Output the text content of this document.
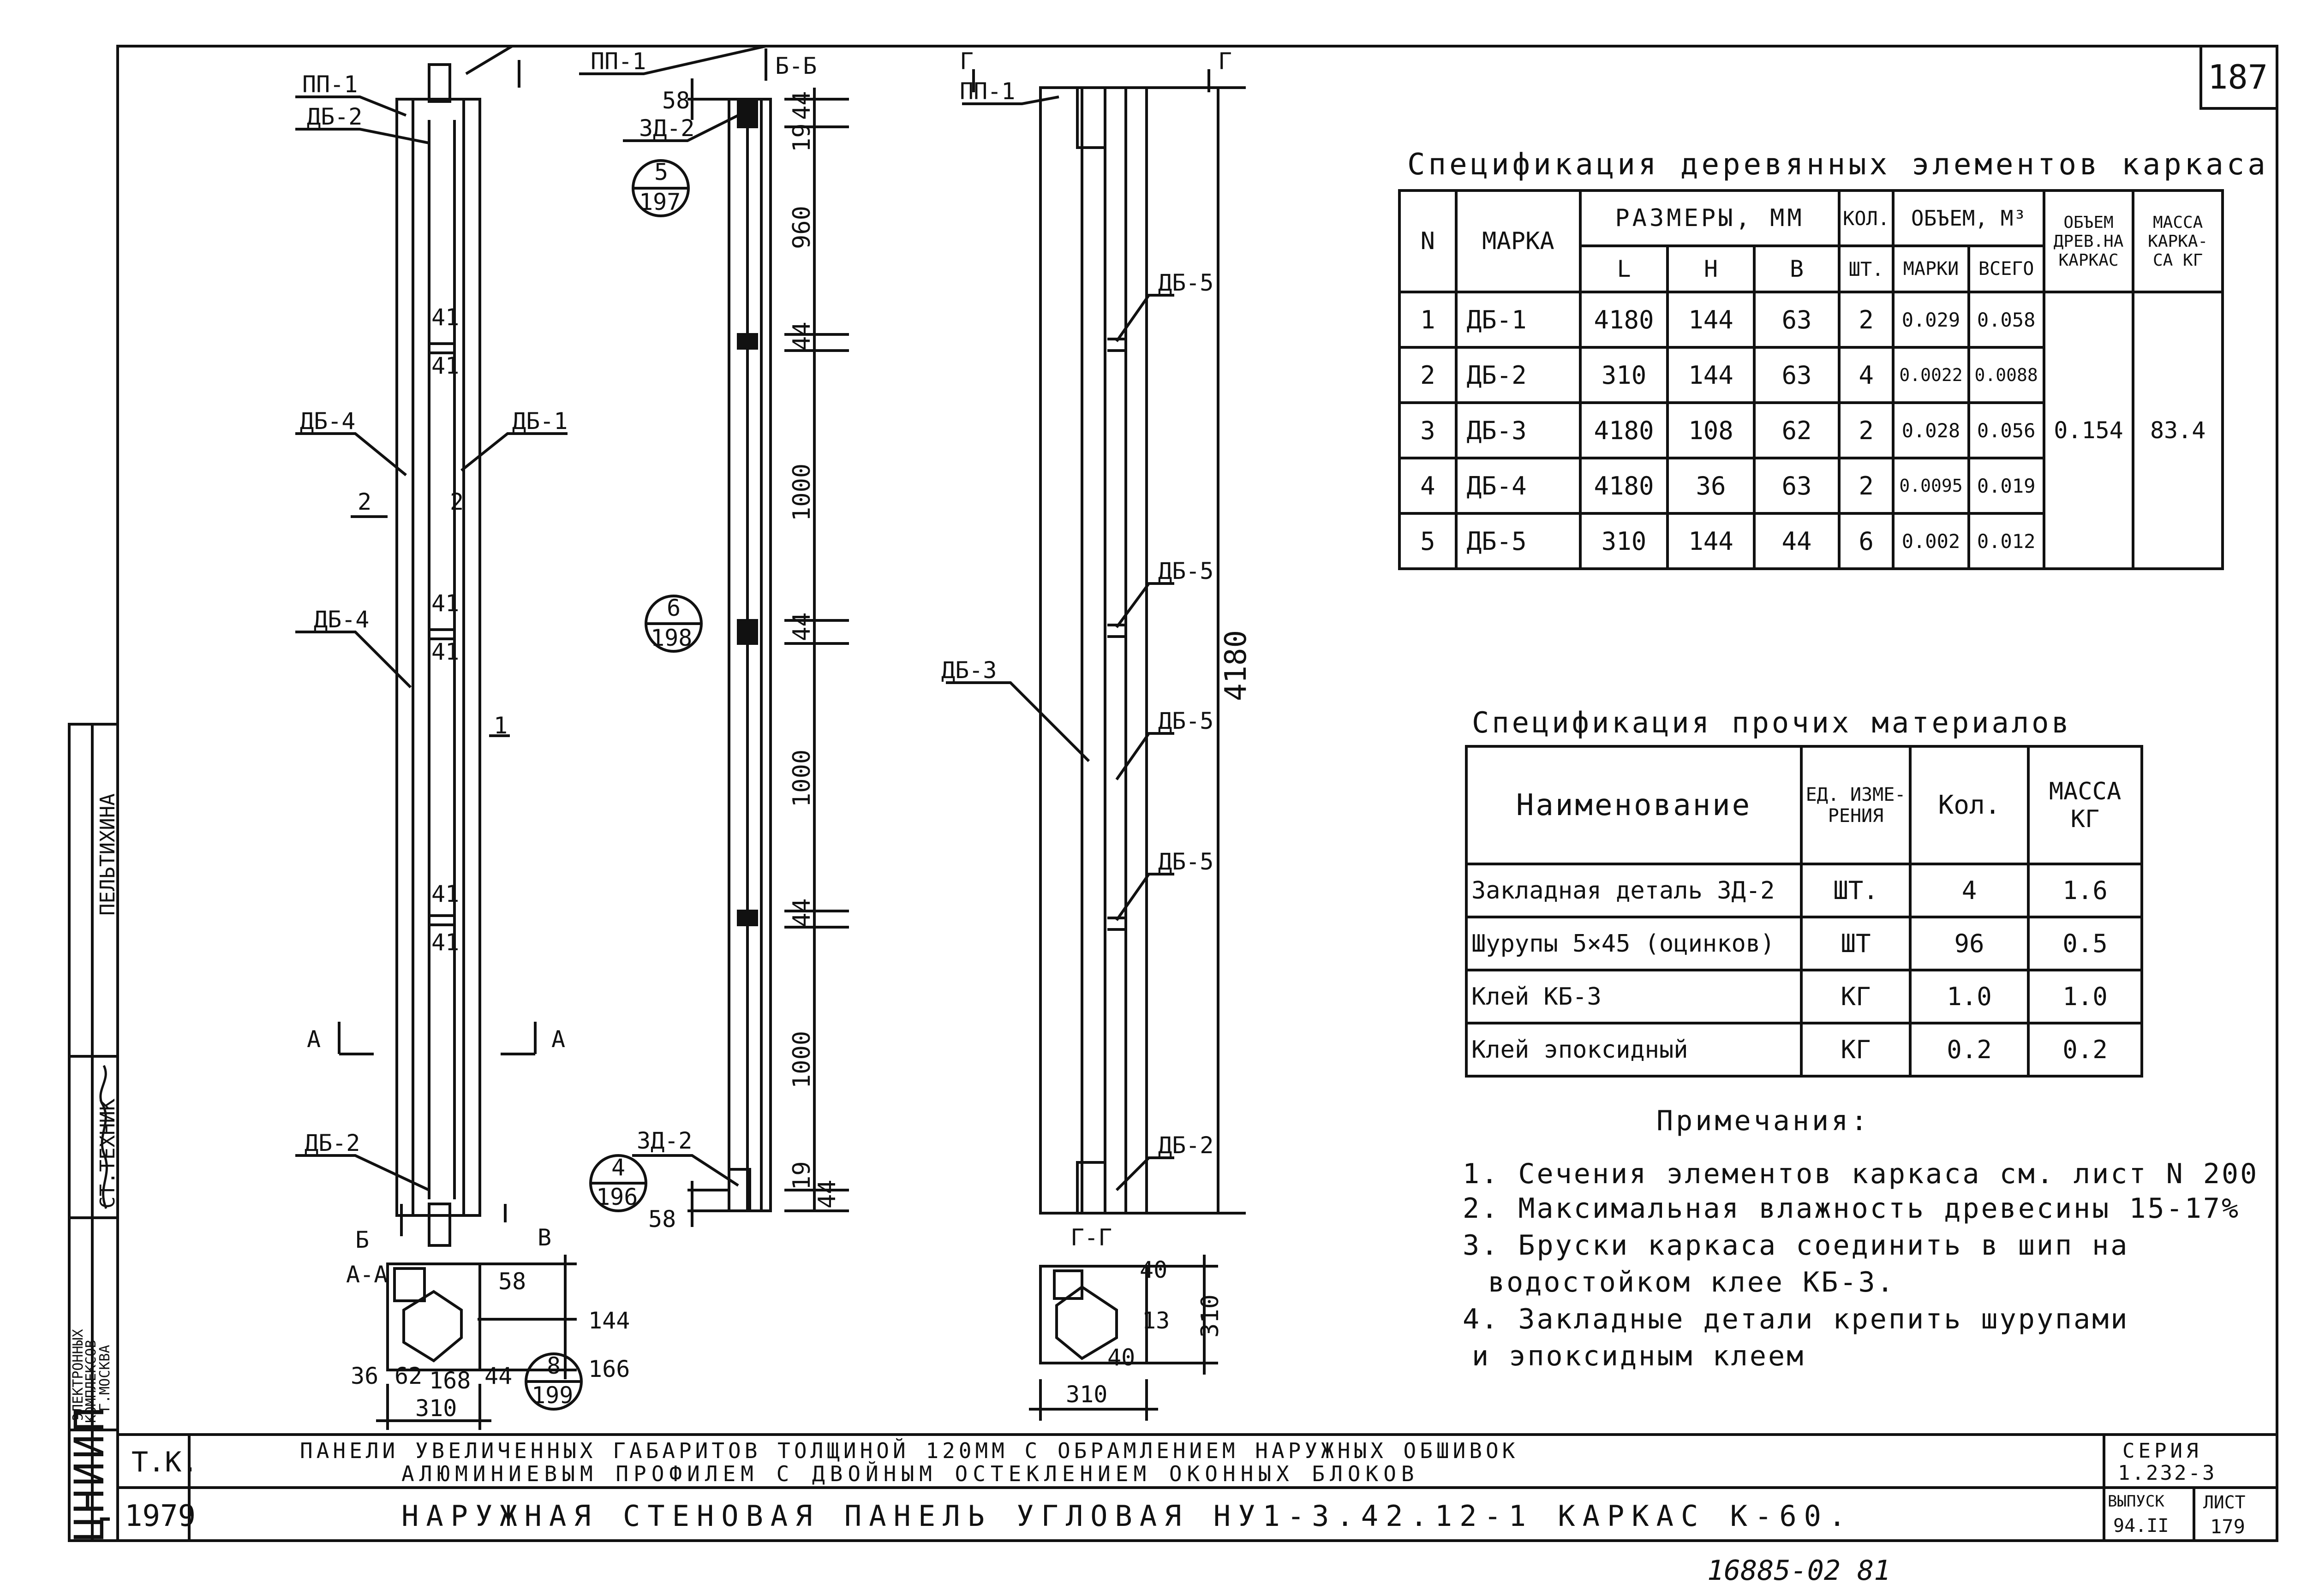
ПП-1
ДБ-2
ДБ-4	ДБ-1
ДБ-4
ДБ-2
2	2
1
41
41
41
41
41
41
А	А
Б	В
А-А
ПП-1
3Д-2
Б-Б
3Д-2
ПП-1
Г	Г
ДБ-5
ДБ-5
ДБ-5
ДБ-5
ДБ-2
ДБ-3
Г-Г
166
144
58
36 62 168 44
310
310
13
40
40
58
58
5
197
6
198
4
196
8
199
44
19
960
44
1000
44
1000
44
1000
19
44
4180
310
187
Спецификация деревянных элементов каркаса
N	МАРКА	РАЗМЕРЫ, ММ			КОЛ.	ОБЪЕМ, М³		ОБЪЕМ ДРЕВ.НА КАРКАС	МАССА КАРКА- СА КГ
		L	H	B	ШТ.	МАРКИ	ВСЕГО		
1	ДБ-1	4180	144	63	2	0.029	0.058	0.154	83.4
2	ДБ-2	310	144	63	4	0.0022	0.0088		
3	ДБ-3	4180	108	62	2	0.028	0.056		
4	ДБ-4	4180	36	63	2	0.0095	0.019		
5	ДБ-5	310	144	44	6	0.002	0.012		
Спецификация прочих материалов
Наименование	ЕД. ИЗМЕ- РЕНИЯ	Кол.	МАССА КГ
Закладная деталь 3Д-2	ШТ.	4	1.6
Шурупы 5×45 (оцинков)	ШТ	96	0.5
Клей КБ-3	КГ	1.0	1.0
Клей эпоксидный	КГ	0.2	0.2
Примечания:
1. Сечения элементов каркаса см. лист N 200
2. Максимальная влажность древесины 15-17%
3. Бруски каркаса соединить в шип на
водостойком клее КБ-3.
4. Закладные детали крепить шурупами
и эпоксидным клеем
Т.К.
1979
ПАНЕЛИ УВЕЛИЧЕННЫХ ГАБАРИТОВ ТОЛЩИНОЙ 120ММ С ОБРАМЛЕНИЕМ НАРУЖНЫХ ОБШИВОК
АЛЮМИНИЕВЫМ ПРОФИЛЕМ С ДВОЙНЫМ ОСТЕКЛЕНИЕМ ОКОННЫХ БЛОКОВ
НАРУЖНАЯ СТЕНОВАЯ ПАНЕЛЬ УГЛОВАЯ НУ1-3.42.12-1 КАРКАС К-60.
СЕРИЯ
1.232-3
ВЫПУСК
94.II
ЛИСТ
179
16885-02 81
ЦНИИП
ЭЛЕКТРОННЫХ
КОМПЛЕКСОВ
Г.МОСКВА
СТ.ТЕХНИК
ПЕЛЬТИХИНА
